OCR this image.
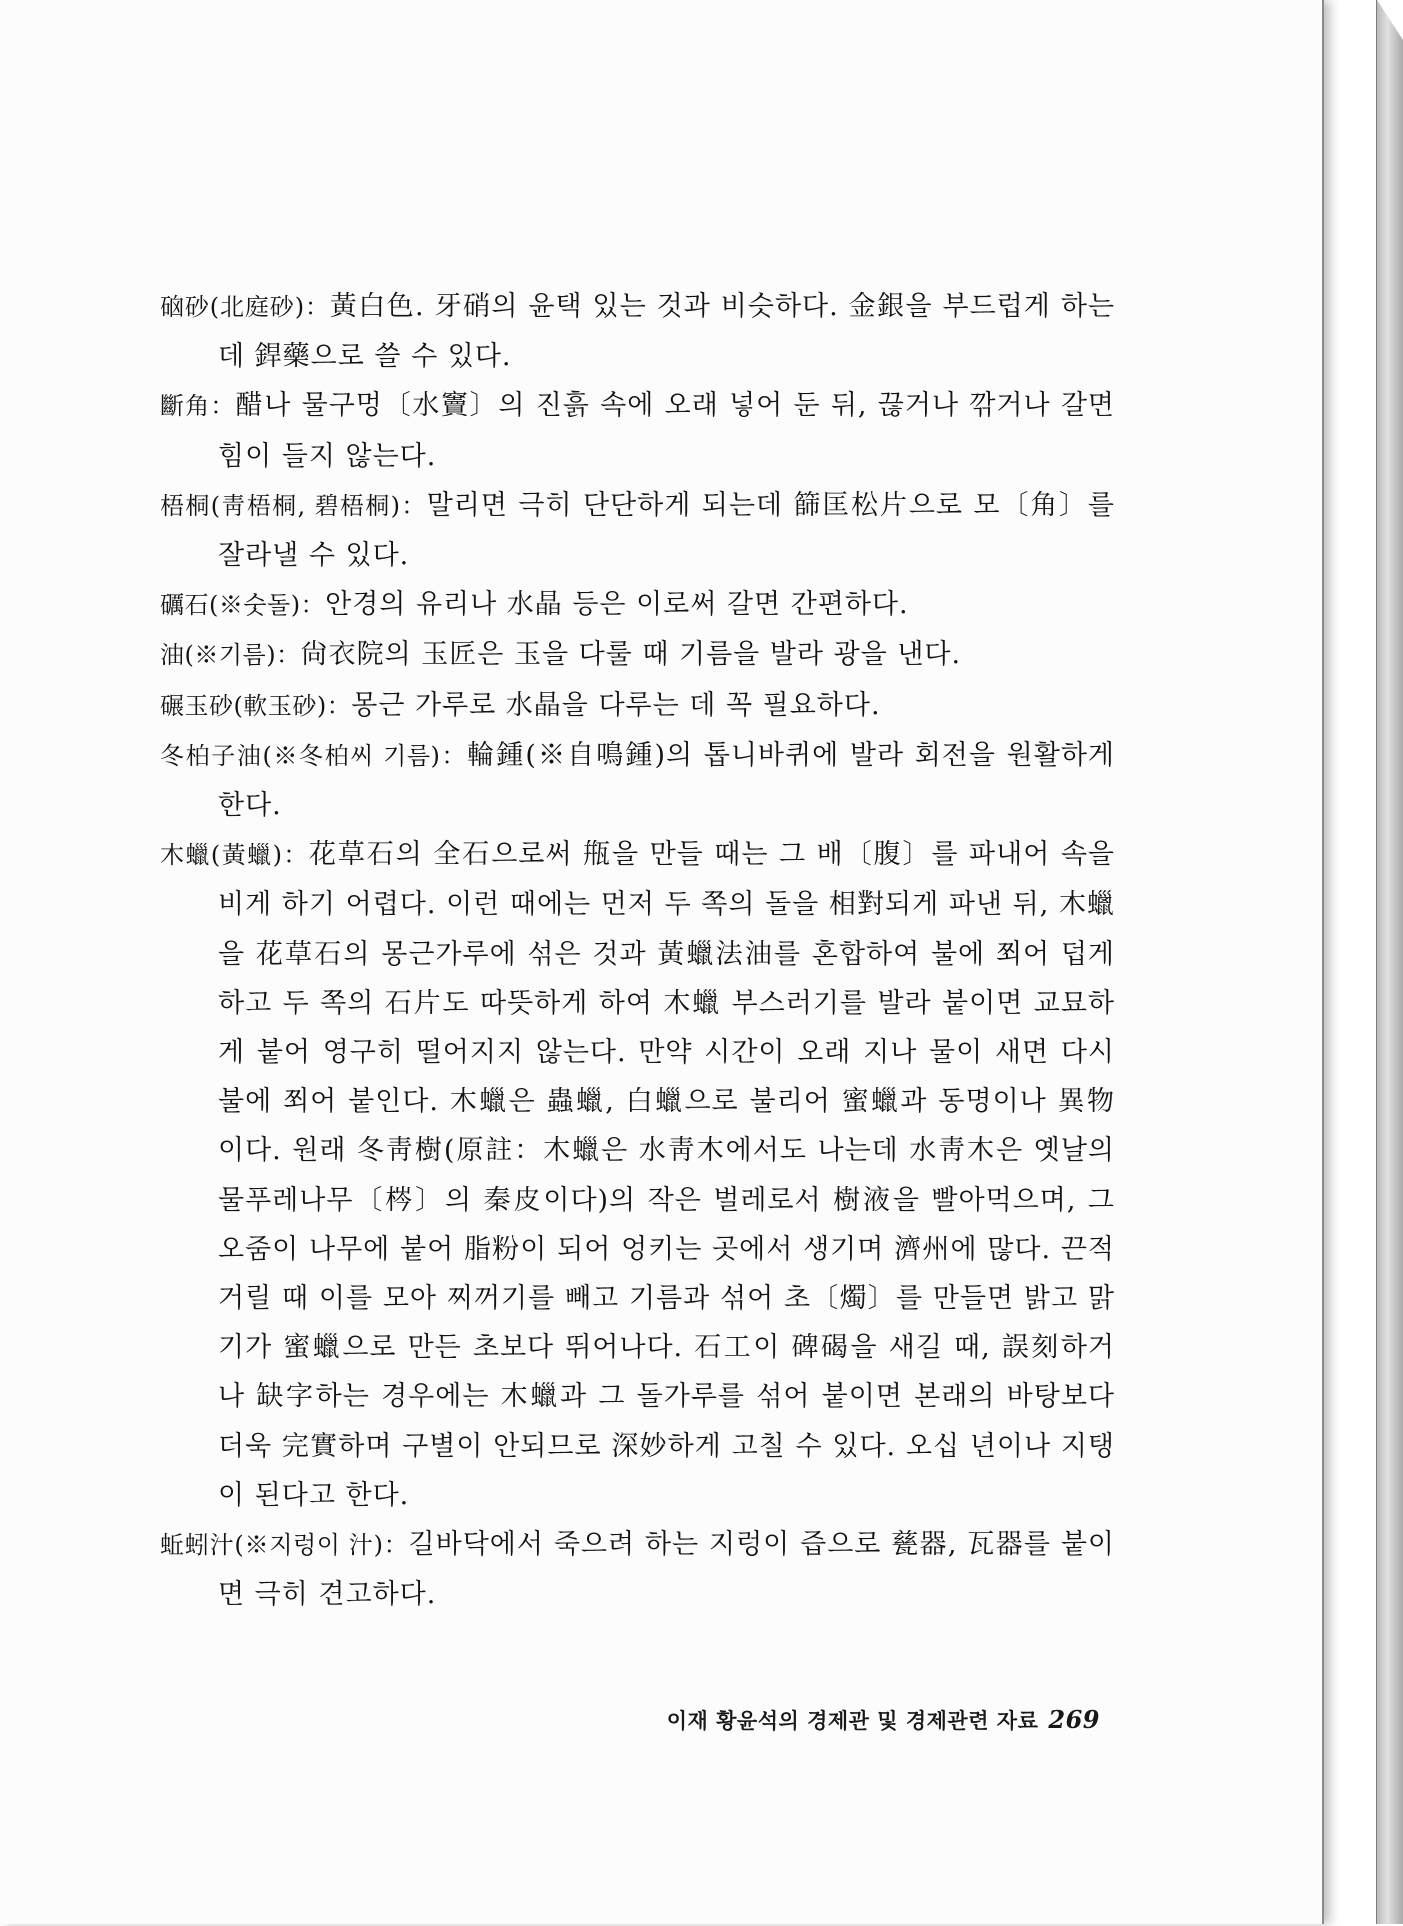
硇砂(北庭砂)：黃白色. 牙硝의 윤택 있는 것과 비슷하다. 金銀을 부드럽게 하는데 銲藥으로 쓸 수 있다.

斷角：醋나 물구멍〔水竇〕의 진흙 속에 오래 넣어 둔 뒤, 끊거나 깎거나 갈면 힘이 들지 않는다.

梧桐(靑梧桐, 碧梧桐)：말리면 극히 단단하게 되는데 篩匡松片으로 모〔角〕를 잘라낼 수 있다.

礪石(※숫돌)：안경의 유리나 水晶 등은 이로써 갈면 간편하다.

油(※기름)：尙衣院의 玉匠은 玉을 다룰 때 기름을 발라 광을 낸다.

碾玉砂(軟玉砂)：몽근 가루로 水晶을 다루는 데 꼭 필요하다.

冬柏子油(※冬柏씨 기름)：輪鍾(※自鳴鍾)의 톱니바퀴에 발라 회전을 원활하게 한다.

木蠟(黃蠟)：花草石의 全石으로써 甁을 만들 때는 그 배〔腹〕를 파내어 속을 비게 하기 어렵다. 이런 때에는 먼저 두 쪽의 돌을 相對되게 파낸 뒤, 木蠟을 花草石의 몽근가루에 섞은 것과 黃蠟法油를 혼합하여 불에 쬐어 덥게 하고 두 쪽의 石片도 따뜻하게 하여 木蠟 부스러기를 발라 붙이면 교묘하게 붙어 영구히 떨어지지 않는다. 만약 시간이 오래 지나 물이 새면 다시 불에 쬐어 붙인다. 木蠟은 蟲蠟, 白蠟으로 불리어 蜜蠟과 동명이나 異物이다. 원래 冬靑樹(原註：木蠟은 水靑木에서도 나는데 水靑木은 옛날의 물푸레나무〔梣〕의 秦皮이다)의 작은 벌레로서 樹液을 빨아먹으며, 그 오줌이 나무에 붙어 脂粉이 되어 엉키는 곳에서 생기며 濟州에 많다. 끈적거릴 때 이를 모아 찌꺼기를 빼고 기름과 섞어 초〔燭〕를 만들면 밝고 맑기가 蜜蠟으로 만든 초보다 뛰어나다. 石工이 碑碣을 새길 때, 誤刻하거나 缺字하는 경우에는 木蠟과 그 돌가루를 섞어 붙이면 본래의 바탕보다 더욱 完實하며 구별이 안되므로 深妙하게 고칠 수 있다. 오십 년이나 지탱이 된다고 한다.

蚯蚓汁(※지렁이 汁)：길바닥에서 죽으려 하는 지렁이 즙으로 甆器, 瓦器를 붙이면 극히 견고하다.

이재 황윤석의 경제관 및 경제관련 자료 269
